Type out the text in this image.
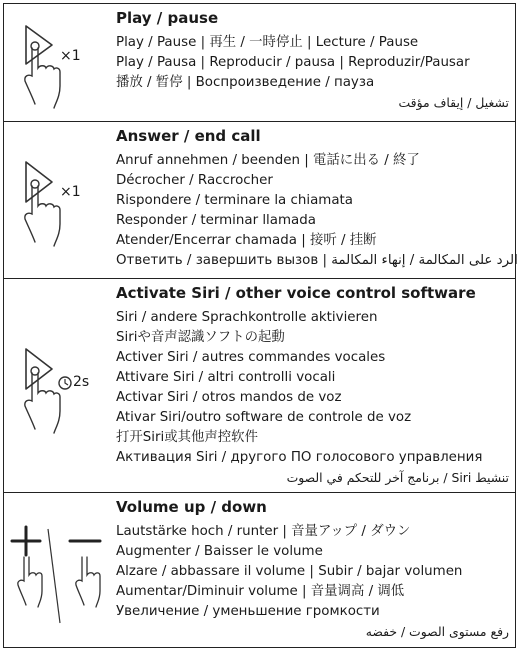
×1
Play / pause
Play / Pause | 再生 / 一時停止 | Lecture / Pause
Play / Pausa | Reproducir / pausa | Reproduzir/Pausar
播放 / 暂停 | Воспроизведение / пауза
تشغيل / إيقاف مؤقت
×1
Answer / end call
Anruf annehmen / beenden | 電話に出る / 終了
Décrocher / Raccrocher
Rispondere / terminare la chiamata
Responder / terminar llamada
Atender/Encerrar chamada | 接听 / 挂断
Ответить / завершить вызов | الرد على المكالمة / إنهاء المكالمة
2s
Activate Siri / other voice control software
Siri / andere Sprachkontrolle aktivieren
Siriや音声認識ソフトの起動
Activer Siri / autres commandes vocales
Attivare Siri / altri controlli vocali
Activar Siri / otros mandos de voz
Ativar Siri/outro software de controle de voz
打开Siri或其他声控软件
Активация Siri / другого ПО голосового управления
تنشيط Siri / برنامج آخر للتحكم في الصوت
Volume up / down
Lautstärke hoch / runter | 音量アップ / ダウン
Augmenter / Baisser le volume
Alzare / abbassare il volume | Subir / bajar volumen
Aumentar/Diminuir volume | 音量调高 / 调低
Увеличение / уменьшение громкости
رفع مستوى الصوت / خفضه
